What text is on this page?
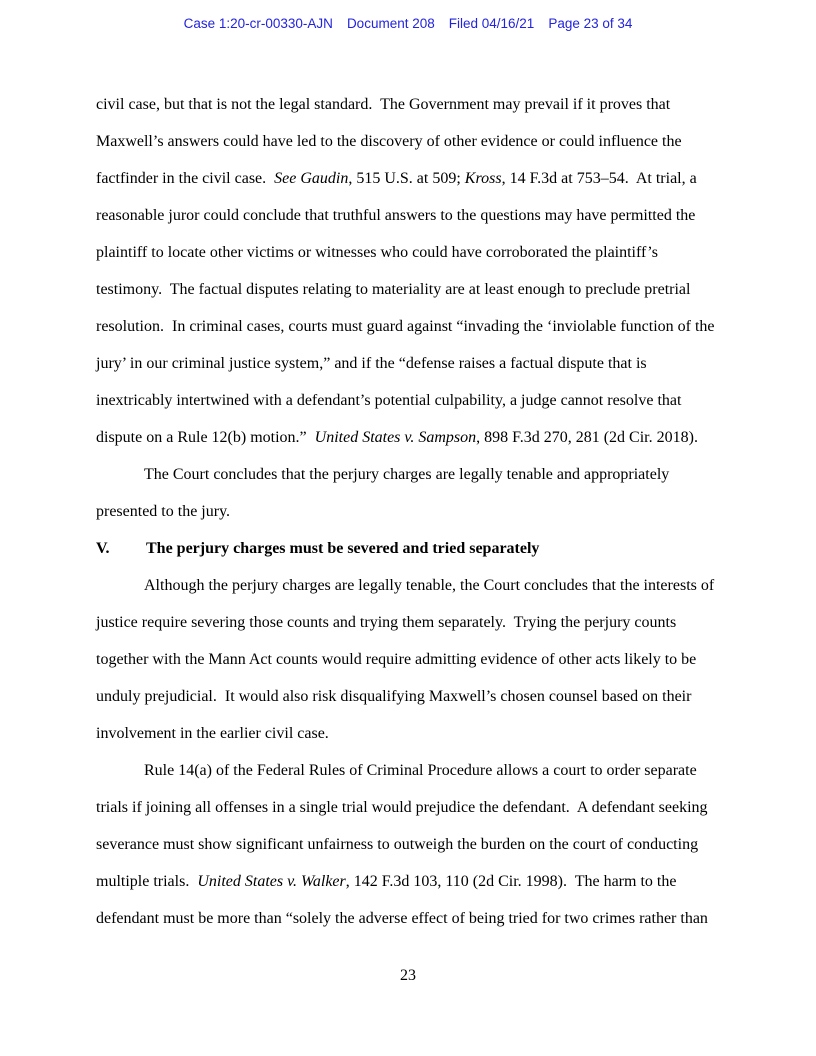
Case 1:20-cr-00330-AJN Document 208 Filed 04/16/21 Page 23 of 34

civil case, but that is not the legal standard.  The Government may prevail if it proves that Maxwell’s answers could have led to the discovery of other evidence or could influence the factfinder in the civil case.  See Gaudin, 515 U.S. at 509; Kross, 14 F.3d at 753–54.  At trial, a reasonable juror could conclude that truthful answers to the questions may have permitted the plaintiff to locate other victims or witnesses who could have corroborated the plaintiff’s testimony.  The factual disputes relating to materiality are at least enough to preclude pretrial resolution.  In criminal cases, courts must guard against “invading the ‘inviolable function of the jury’ in our criminal justice system,” and if the “defense raises a factual dispute that is inextricably intertwined with a defendant’s potential culpability, a judge cannot resolve that dispute on a Rule 12(b) motion.”  United States v. Sampson, 898 F.3d 270, 281 (2d Cir. 2018).

The Court concludes that the perjury charges are legally tenable and appropriately presented to the jury.

V. The perjury charges must be severed and tried separately

Although the perjury charges are legally tenable, the Court concludes that the interests of justice require severing those counts and trying them separately.  Trying the perjury counts together with the Mann Act counts would require admitting evidence of other acts likely to be unduly prejudicial.  It would also risk disqualifying Maxwell’s chosen counsel based on their involvement in the earlier civil case.

Rule 14(a) of the Federal Rules of Criminal Procedure allows a court to order separate trials if joining all offenses in a single trial would prejudice the defendant.  A defendant seeking severance must show significant unfairness to outweigh the burden on the court of conducting multiple trials.  United States v. Walker, 142 F.3d 103, 110 (2d Cir. 1998).  The harm to the defendant must be more than “solely the adverse effect of being tried for two crimes rather than

23
